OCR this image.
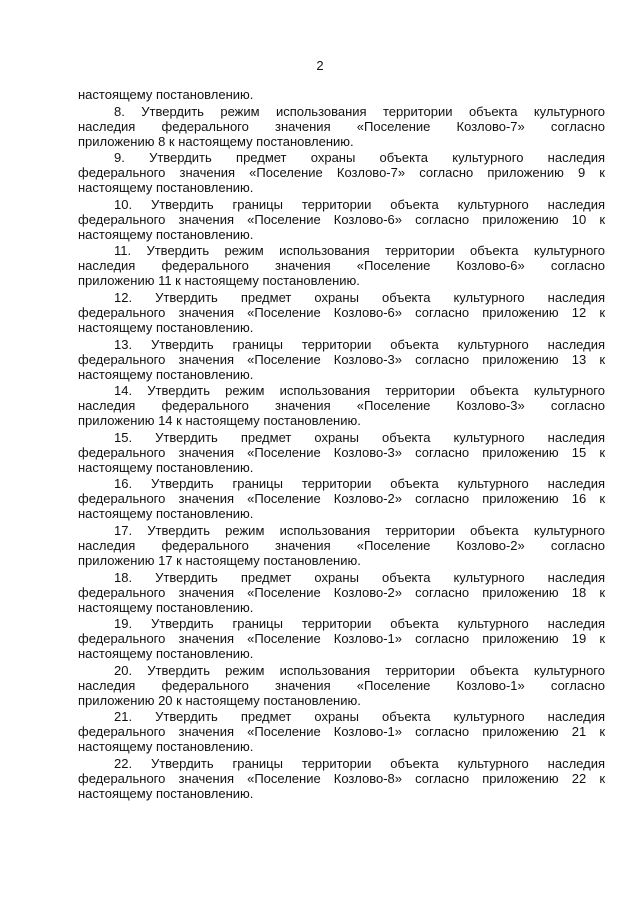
2
настоящему постановлению.
8. Утвердить режим использования территории объекта культурного
наследия федерального значения «Поселение Козлово-7» согласно
приложению 8 к настоящему постановлению.
9. Утвердить предмет охраны объекта культурного наследия
федерального значения «Поселение Козлово-7» согласно приложению 9 к
настоящему постановлению.
10. Утвердить границы территории объекта культурного наследия
федерального значения «Поселение Козлово-6» согласно приложению 10 к
настоящему постановлению.
11. Утвердить режим использования территории объекта культурного
наследия федерального значения «Поселение Козлово-6» согласно
приложению 11 к настоящему постановлению.
12. Утвердить предмет охраны объекта культурного наследия
федерального значения «Поселение Козлово-6» согласно приложению 12 к
настоящему постановлению.
13. Утвердить границы территории объекта культурного наследия
федерального значения «Поселение Козлово-3» согласно приложению 13 к
настоящему постановлению.
14. Утвердить режим использования территории объекта культурного
наследия федерального значения «Поселение Козлово-3» согласно
приложению 14 к настоящему постановлению.
15. Утвердить предмет охраны объекта культурного наследия
федерального значения «Поселение Козлово-3» согласно приложению 15 к
настоящему постановлению.
16. Утвердить границы территории объекта культурного наследия
федерального значения «Поселение Козлово-2» согласно приложению 16 к
настоящему постановлению.
17. Утвердить режим использования территории объекта культурного
наследия федерального значения «Поселение Козлово-2» согласно
приложению 17 к настоящему постановлению.
18. Утвердить предмет охраны объекта культурного наследия
федерального значения «Поселение Козлово-2» согласно приложению 18 к
настоящему постановлению.
19. Утвердить границы территории объекта культурного наследия
федерального значения «Поселение Козлово-1» согласно приложению 19 к
настоящему постановлению.
20. Утвердить режим использования территории объекта культурного
наследия федерального значения «Поселение Козлово-1» согласно
приложению 20 к настоящему постановлению.
21. Утвердить предмет охраны объекта культурного наследия
федерального значения «Поселение Козлово-1» согласно приложению 21 к
настоящему постановлению.
22. Утвердить границы территории объекта культурного наследия
федерального значения «Поселение Козлово-8» согласно приложению 22 к
настоящему постановлению.
